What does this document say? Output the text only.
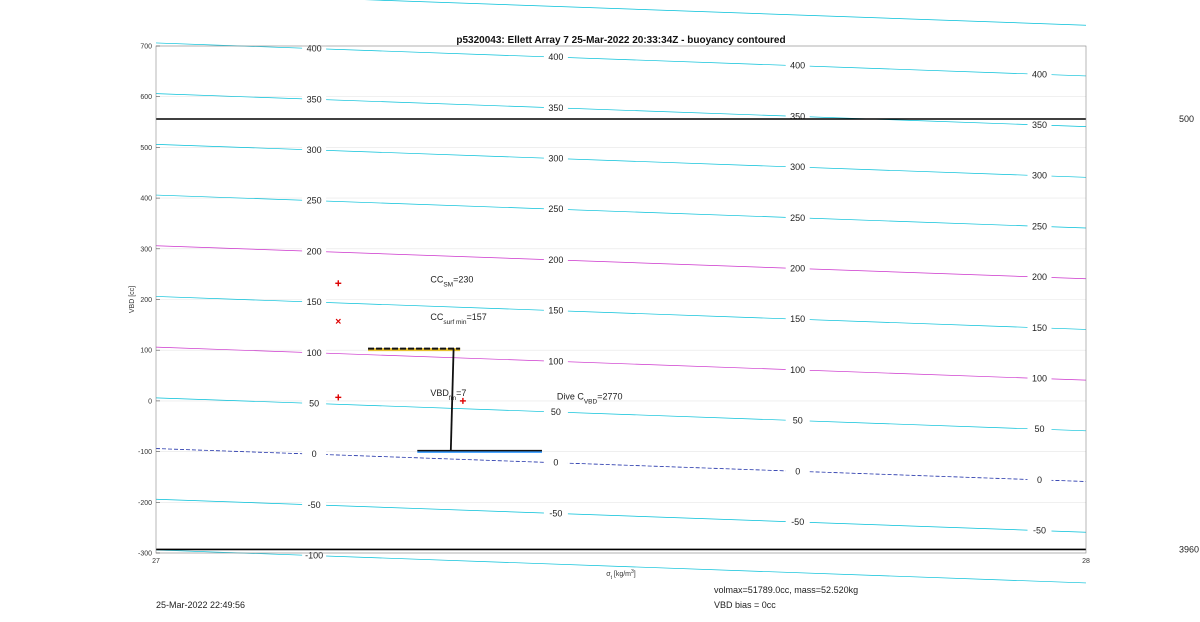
-100
-50
-50
-50
-50
0
0
0
0
50
50
50
50
100
100
100
100
150
150
150
150
200
200
200
200
250
250
250
250
300
300
300
300
350
350
350
350
400
400
400
400
500
3960
$CC_{SM}=230$
$CC_{surf min}=157$
$VBD_{fm}=7$	Dive $C_{VBD}=2770$
-300
-200
-100
0
100
200
300
400
500
600
700
27	28
p5320043: Ellett Array 7 25-Mar-2022 20:33:34Z - buoyancy contoured
VBD [cc]
$\sigma_t$ $[kg/m^3]$
25-Mar-2022 22:49:56
volmax=51789.0cc, mass=52.520kg
VBD bias = 0cc
